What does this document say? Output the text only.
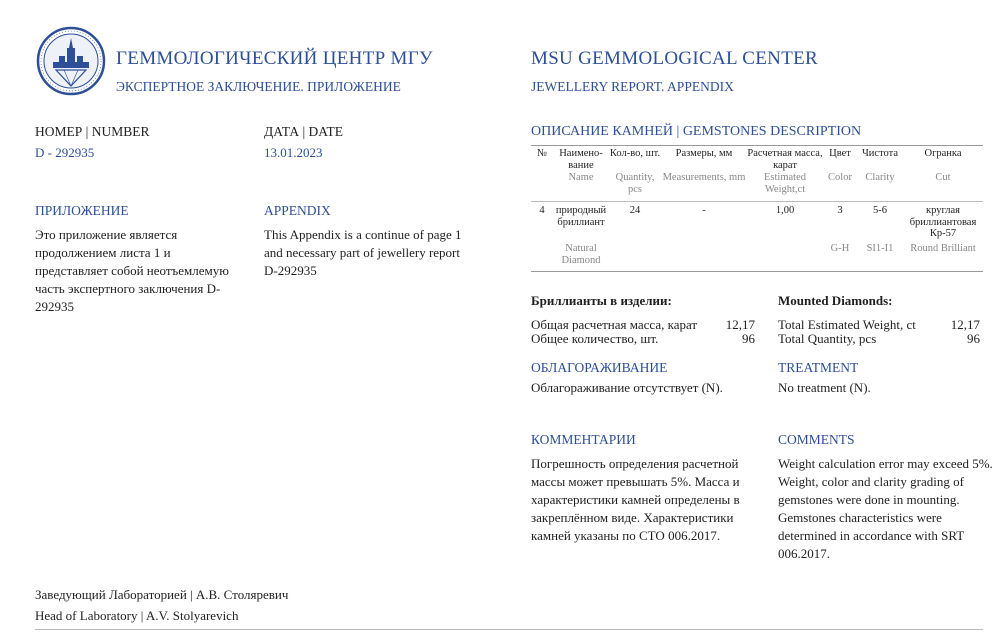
ГЕММОЛОГИЧЕСКИЙ ЦЕНТР МГУ
ЭКСПЕРТНОЕ ЗАКЛЮЧЕНИЕ. ПРИЛОЖЕНИЕ
MSU GEMMOLOGICAL CENTER
JEWELLERY REPORT. APPENDIX
НОМЕР | NUMBER
D - 292935
ДАТА | DATE
13.01.2023
ПРИЛОЖЕНИЕ
Это приложение является продолжением листа 1 и представляет собой неотъемлемую часть экспертного заключения D-292935
APPENDIX
This Appendix is a continue of page 1 and necessary part of jewellery report D-292935
ОПИСАНИЕ КАМНЕЙ | GEMSTONES DESCRIPTION
№	Наимено-вание	Кол-во, шт.	Размеры, мм	Расчетная масса, карат	Цвет	Чистота	Огранка
	Name	Quantity, pcs	Measurements, mm	Estimated Weight,ct	Color	Clarity	Cut
4	природный бриллиант	24	-	1,00	3	5-6	круглая бриллиантовая Кр-57
	Natural Diamond				G-H	SI1-I1	Round Brilliant
Бриллианты в изделии:
Общая расчетная масса, карат 12,17
Общее количество, шт.	96
Mounted Diamonds:
Total Estimated Weight, ct	12,17
Total Quantity, pcs	96
ОБЛАГОРАЖИВАНИЕ
Облагораживание отсутствует (N).
TREATMENT
No treatment (N).
КОММЕНТАРИИ
Погрешность определения расчетной массы может превышать 5%. Масса и характеристики камней определены в закреплённом виде. Характеристики камней указаны по СТО 006.2017.
COMMENTS
Weight calculation error may exceed 5%. Weight, color and clarity grading of gemstones were done in mounting. Gemstones characteristics were determined in accordance with SRT 006.2017.
Заведующий Лабораторией | А.В. Столяревич
Head of Laboratory | A.V. Stolyarevich
